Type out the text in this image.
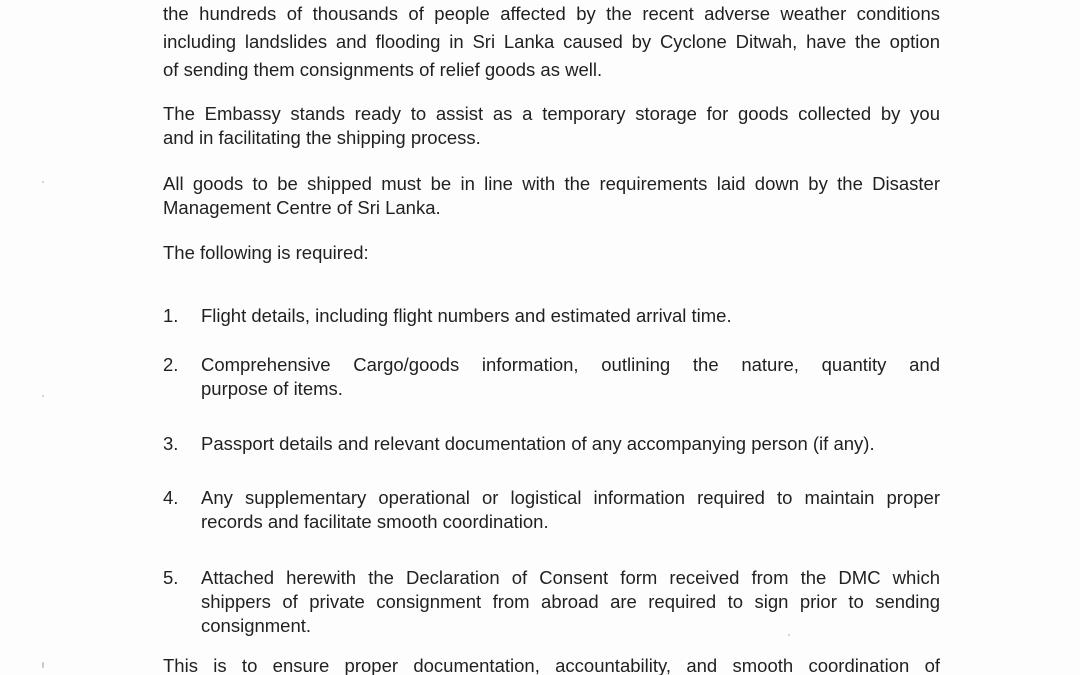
the hundreds of thousands of people affected by the recent adverse weather conditions
including landslides and flooding in Sri Lanka caused by Cyclone Ditwah, have the option
of sending them consignments of relief goods as well.
The Embassy stands ready to assist as a temporary storage for goods collected by you
and in facilitating the shipping process.
All goods to be shipped must be in line with the requirements laid down by the Disaster
Management Centre of Sri Lanka.
The following is required:
1. Flight details, including flight numbers and estimated arrival time.
2. Comprehensive Cargo/goods information, outlining the nature, quantity and
purpose of items.
3. Passport details and relevant documentation of any accompanying person (if any).
4. Any supplementary operational or logistical information required to maintain proper
records and facilitate smooth coordination.
5. Attached herewith the Declaration of Consent form received from the DMC which
shippers of private consignment from abroad are required to sign prior to sending
consignment.
This is to ensure proper documentation, accountability, and smooth coordination of
